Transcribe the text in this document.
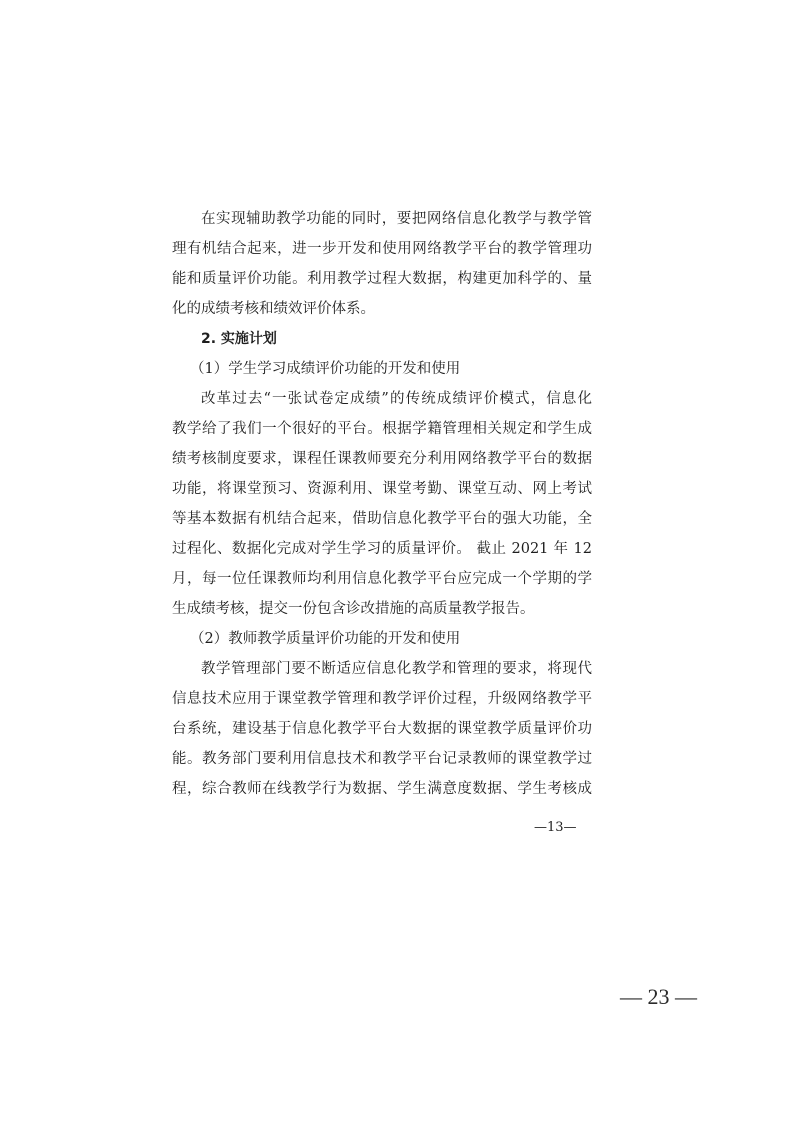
在实现辅助教学功能的同时，要把网络信息化教学与教学管
理有机结合起来，进一步开发和使用网络教学平台的教学管理功
能和质量评价功能。利用教学过程大数据，构建更加科学的、量
化的成绩考核和绩效评价体系。
2. 实施计划
（1）学生学习成绩评价功能的开发和使用
改革过去“一张试卷定成绩”的传统成绩评价模式，信息化
教学给了我们一个很好的平台。根据学籍管理相关规定和学生成
绩考核制度要求，课程任课教师要充分利用网络教学平台的数据
功能，将课堂预习、资源利用、课堂考勤、课堂互动、网上考试
等基本数据有机结合起来，借助信息化教学平台的强大功能，全
过程化、数据化完成对学生学习的质量评价。 截止 2021 年 12
月，每一位任课教师均利用信息化教学平台应完成一个学期的学
生成绩考核，提交一份包含诊改措施的高质量教学报告。
（2）教师教学质量评价功能的开发和使用
教学管理部门要不断适应信息化教学和管理的要求，将现代
信息技术应用于课堂教学管理和教学评价过程，升级网络教学平
台系统，建设基于信息化教学平台大数据的课堂教学质量评价功
能。教务部门要利用信息技术和教学平台记录教师的课堂教学过
程，综合教师在线教学行为数据、学生满意度数据、学生考核成
—13—
— 23 —
